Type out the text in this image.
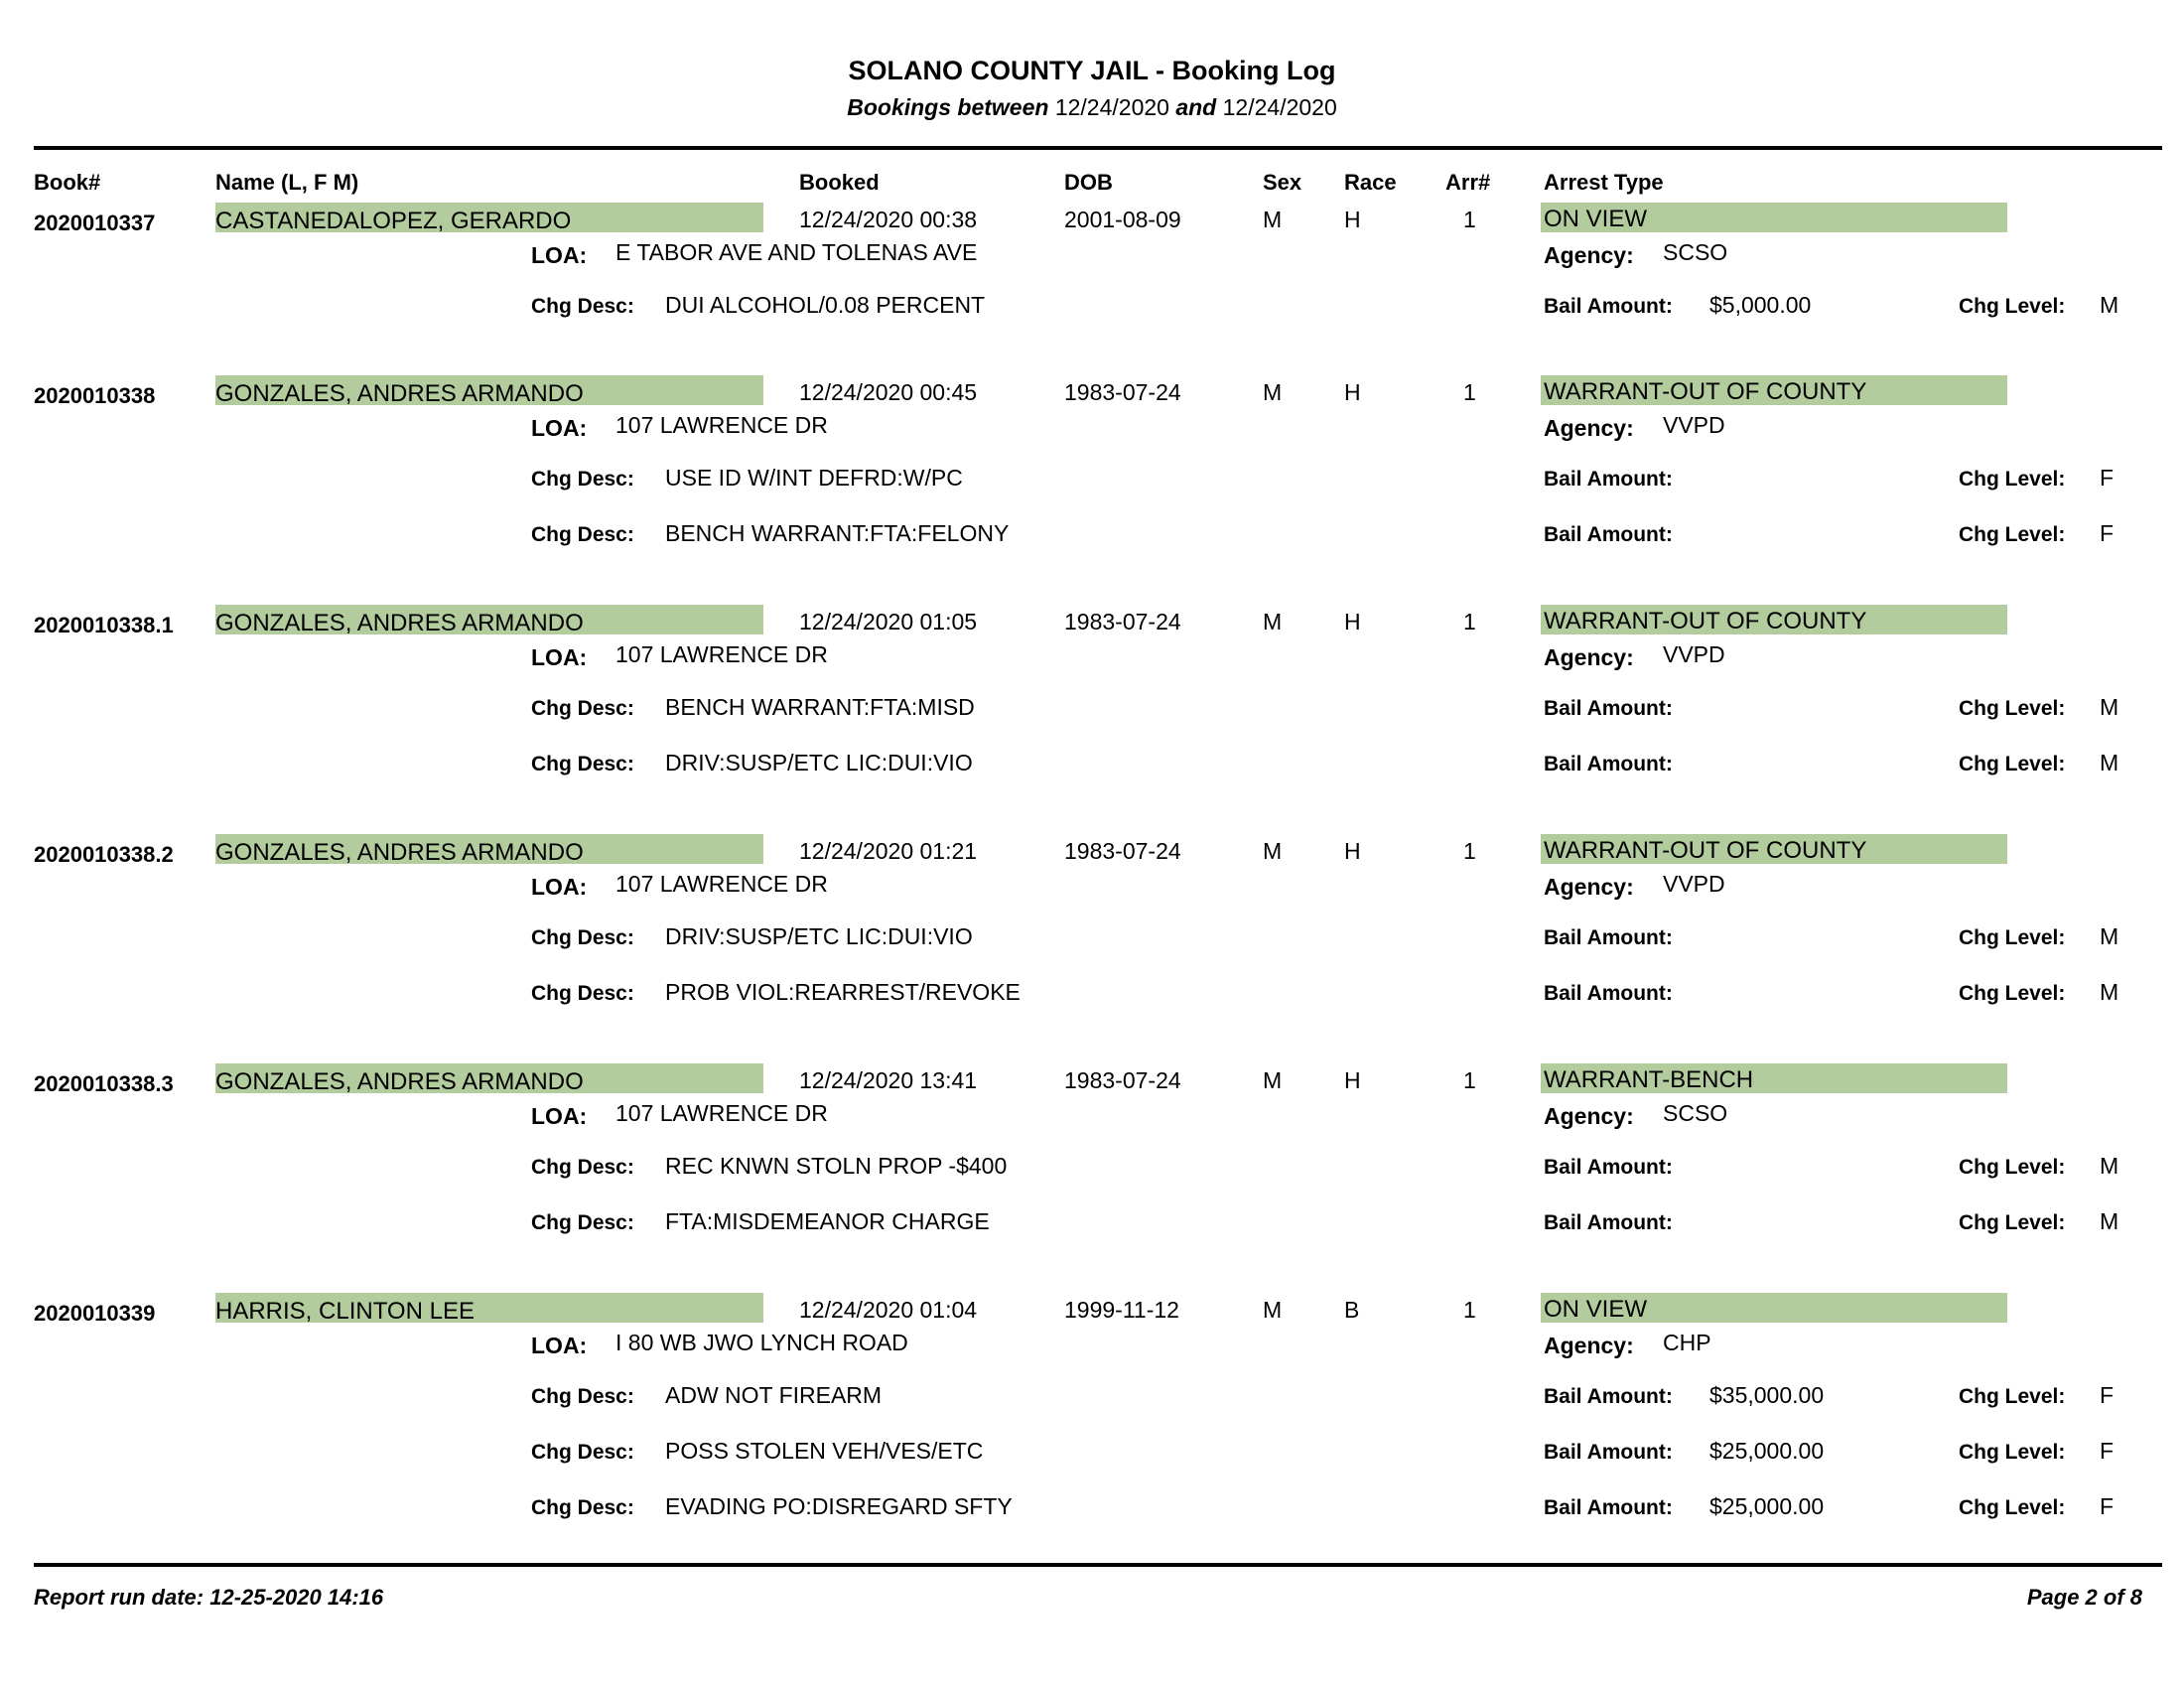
SOLANO COUNTY JAIL - Booking Log
Bookings between 12/24/2020 and 12/24/2020
Book#	Name (L, F M)	Booked	DOB	Sex Race Arr# Arrest Type
2020010337	CASTANEDALOPEZ, GERARDO	12/24/2020 00:38	2001-08-09	M	H	1	ON VIEW
LOA: E TABOR AVE AND TOLENAS AVE	Agency: SCSO
Chg Desc: DUI ALCOHOL/0.08 PERCENT	Bail Amount: $5,000.00	Chg Level: M
2020010338	GONZALES, ANDRES ARMANDO	12/24/2020 00:45	1983-07-24	M	H	1	WARRANT-OUT OF COUNTY
LOA: 107 LAWRENCE DR	Agency: VVPD
Chg Desc: USE ID W/INT DEFRD:W/PC	Bail Amount:	Chg Level: F
Chg Desc: BENCH WARRANT:FTA:FELONY	Bail Amount:	Chg Level: F
2020010338.1 GONZALES, ANDRES ARMANDO	12/24/2020 01:05	1983-07-24	M	H	1	WARRANT-OUT OF COUNTY
LOA: 107 LAWRENCE DR	Agency: VVPD
Chg Desc: BENCH WARRANT:FTA:MISD	Bail Amount:	Chg Level: M
Chg Desc: DRIV:SUSP/ETC LIC:DUI:VIO	Bail Amount:	Chg Level: M
2020010338.2 GONZALES, ANDRES ARMANDO	12/24/2020 01:21	1983-07-24	M	H	1	WARRANT-OUT OF COUNTY
LOA: 107 LAWRENCE DR	Agency: VVPD
Chg Desc: DRIV:SUSP/ETC LIC:DUI:VIO	Bail Amount:	Chg Level: M
Chg Desc: PROB VIOL:REARREST/REVOKE	Bail Amount:	Chg Level: M
2020010338.3 GONZALES, ANDRES ARMANDO	12/24/2020 13:41	1983-07-24	M	H	1	WARRANT-BENCH
LOA: 107 LAWRENCE DR	Agency: SCSO
Chg Desc: REC KNWN STOLN PROP -$400	Bail Amount:	Chg Level: M
Chg Desc: FTA:MISDEMEANOR CHARGE	Bail Amount:	Chg Level: M
2020010339	HARRIS, CLINTON LEE	12/24/2020 01:04	1999-11-12	M	B	1	ON VIEW
LOA: I 80 WB JWO LYNCH ROAD	Agency: CHP
Chg Desc: ADW NOT FIREARM	Bail Amount: $35,000.00	Chg Level: F
Chg Desc: POSS STOLEN VEH/VES/ETC	Bail Amount: $25,000.00	Chg Level: F
Chg Desc: EVADING PO:DISREGARD SFTY	Bail Amount: $25,000.00	Chg Level: F
Report run date: 12-25-2020 14:16	Page 2 of 8
